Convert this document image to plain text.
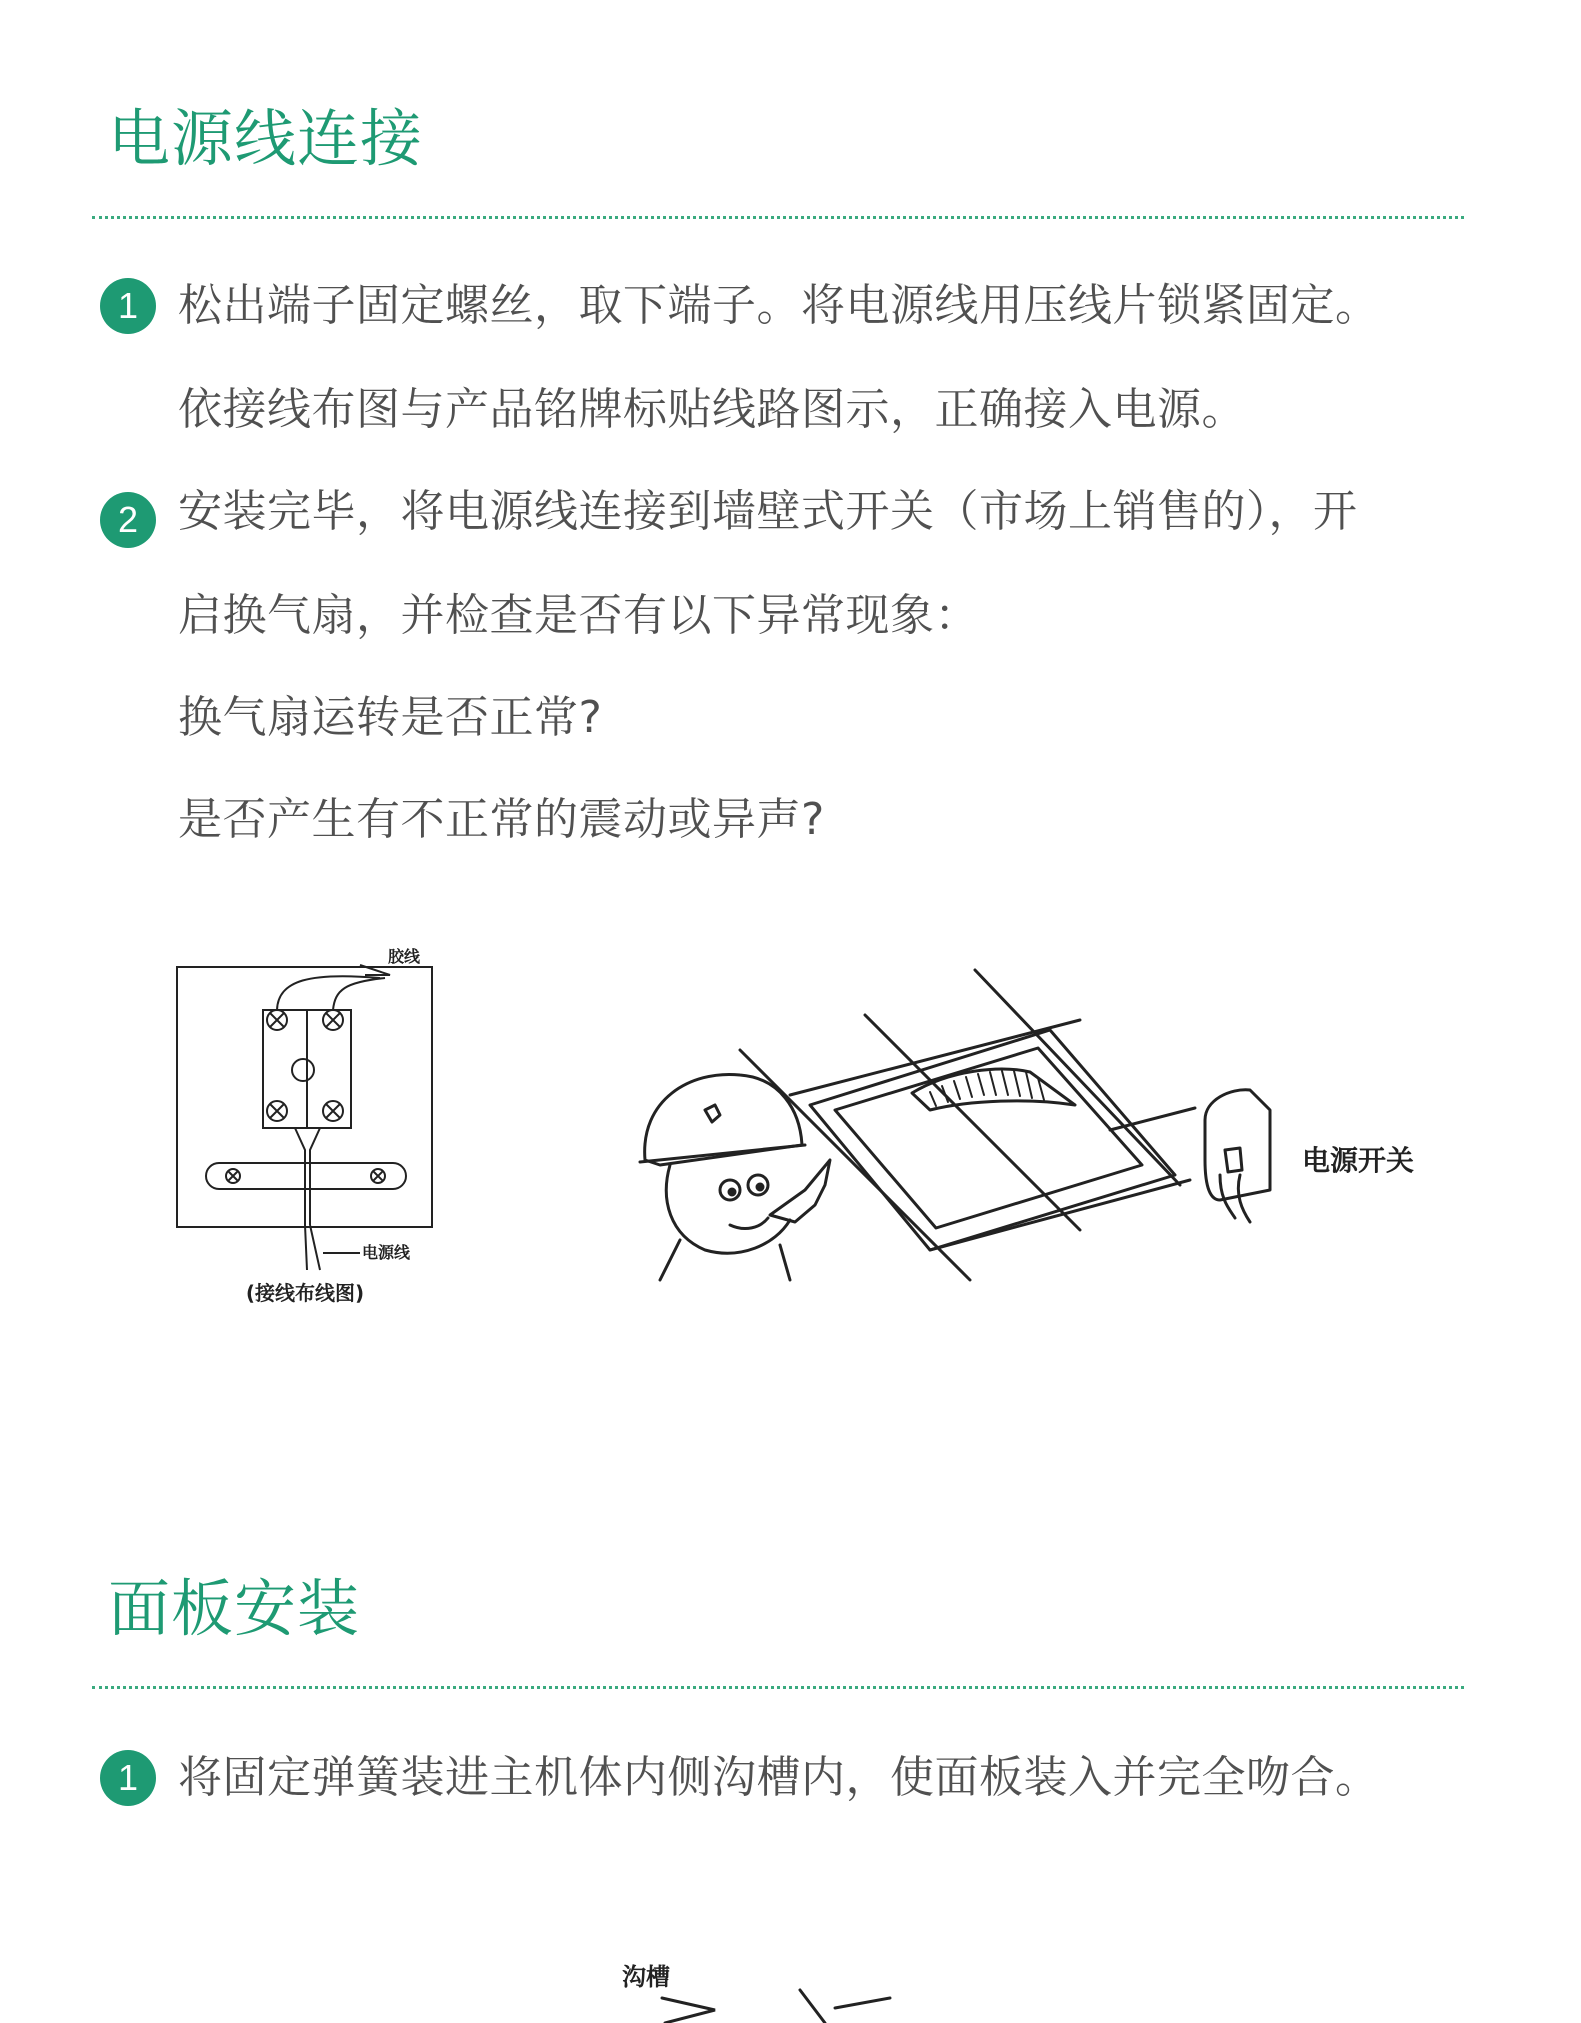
电源线连接
1 松出端子固定螺丝，取下端子。将电源线用压线片锁紧固定。
依接线布图与产品铭牌标贴线路图示，正确接入电源。
2 安装完毕，将电源线连接到墙壁式开关（市场上销售的），开
启换气扇，并检查是否有以下异常现象：
换气扇运转是否正常?
是否产生有不正常的震动或异声?
胶线
电源线
(接线布线图)
电源开关
面板安装
1 将固定弹簧装进主机体内侧沟槽内，使面板装入并完全吻合。
沟槽
